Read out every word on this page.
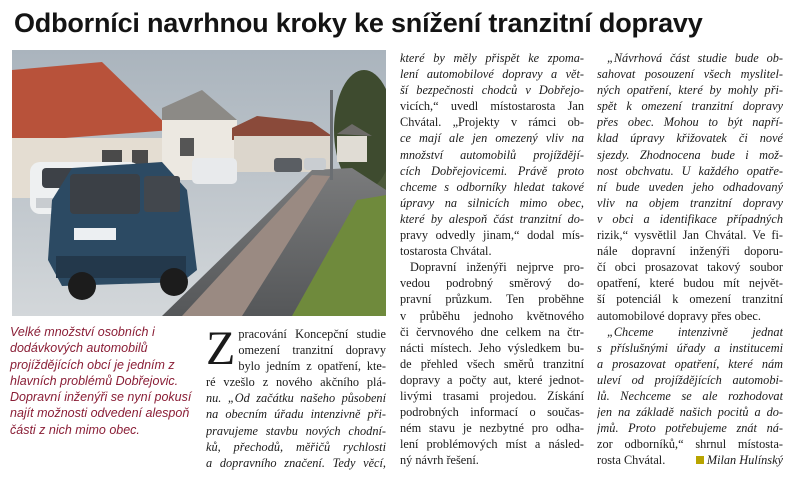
Odborníci navrhnou kroky ke snížení tranzitní dopravy
Velké množství osobních i dodávkových automobilů projíždějících obcí je jedním z hlavních problémů Dobřejovic. Dopravní inženýři se nyní pokusí najít možnosti odvedení alespoň části z nich mimo obec.
Z pracování Koncepční studie
omezení tranzitní dopravy
bylo jedním z opatření, kte-
ré vzešlo z nového akčního plá-
nu. „Od začátku našeho působení
na obecním úřadu intenzivně při-
pravujeme stavbu nových chodní-
ků, přechodů, měřičů rychlosti
a dopravního značení. Tedy věcí,
které by měly přispět ke zpoma-
lení automobilové dopravy a vět-
ší bezpečnosti chodců v Dobřejo-
vicích,“ uvedl místostarosta Jan
Chvátal. „Projekty v rámci ob-
ce mají ale jen omezený vliv na
množství automobilů projíždějí-
cích Dobřejovicemi. Právě proto
chceme s odborníky hledat takové
úpravy na silnicích mimo obec,
které by alespoň část tranzitní do-
pravy odvedly jinam,“ dodal mís-
tostarosta Chvátal.
Dopravní inženýři nejprve pro-
vedou podrobný směrový do-
pravní průzkum. Ten proběhne
v průběhu jednoho květnového
či červnového dne celkem na čtr-
nácti místech. Jeho výsledkem bu-
de přehled všech směrů tranzitní
dopravy a počty aut, které jednot-
livými trasami projedou. Získání
podrobných informací o součas-
ném stavu je nezbytné pro odha-
lení problémových míst a násled-
ný návrh řešení.
„Návrhová část studie bude ob-
sahovat posouzení všech myslitel-
ných opatření, které by mohly při-
spět k omezení tranzitní dopravy
přes obec. Mohou to být napří-
klad úpravy křižovatek či nové
sjezdy. Zhodnocena bude i mož-
nost obchvatu. U každého opatře-
ní bude uveden jeho odhadovaný
vliv na objem tranzitní dopravy
v obci a identifikace případných
rizik,“ vysvětlil Jan Chvátal. Ve fi-
nále dopravní inženýři doporu-
čí obci prosazovat takový soubor
opatření, které budou mít největ-
ší potenciál k omezení tranzitní
automobilové dopravy přes obec.
„Chceme intenzivně jednat
s příslušnými úřady a institucemi
a prosazovat opatření, které nám
uleví od projíždějících automobi-
lů. Nechceme se ale rozhodovat
jen na základě našich pocitů a do-
jmů. Proto potřebujeme znát ná-
zor odborníků,“ shrnul místosta-
rosta Chvátal.	Milan Hulínský
